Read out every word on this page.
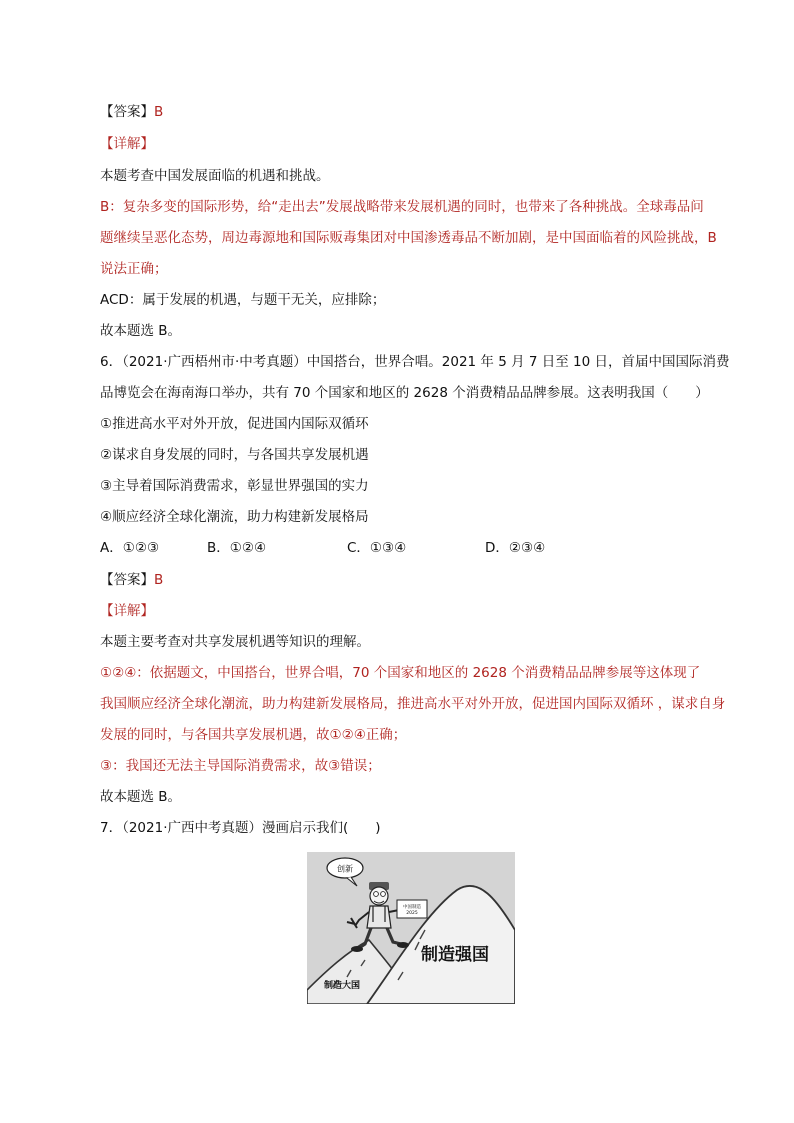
【答案】B
【详解】
本题考查中国发展面临的机遇和挑战。
B：复杂多变的国际形势，给“走出去”发展战略带来发展机遇的同时，也带来了各种挑战。全球毒品问
题继续呈恶化态势，周边毒源地和国际贩毒集团对中国渗透毒品不断加剧，是中国面临着的风险挑战，B
说法正确；
ACD：属于发展的机遇，与题干无关，应排除；
故本题选 B。
6．（2021·广西梧州市·中考真题）中国搭台，世界合唱。2021 年 5 月 7 日至 10 日，首届中国国际消费
品博览会在海南海口举办，共有 70 个国家和地区的 2628 个消费精品品牌参展。这表明我国（　　）
①推进高水平对外开放，促进国内国际双循环
②谋求自身发展的同时，与各国共享发展机遇
③主导着国际消费需求，彰显世界强国的实力
④顺应经济全球化潮流，助力构建新发展格局
A．①②③	B．①②④	C．①③④	D．②③④
【答案】B
【详解】
本题主要考查对共享发展机遇等知识的理解。
①②④：依据题文，中国搭台，世界合唱，70 个国家和地区的 2628 个消费精品品牌参展等这体现了
我国顺应经济全球化潮流，助力构建新发展格局，推进高水平对外开放，促进国内国际双循环 ，谋求自身
发展的同时，与各国共享发展机遇，故①②④正确；
③：我国还无法主导国际消费需求，故③错误；
故本题选 B。
7．（2021·广西中考真题）漫画启示我们(　　)
创新
中国制造 2025
制造强国
制造大国
